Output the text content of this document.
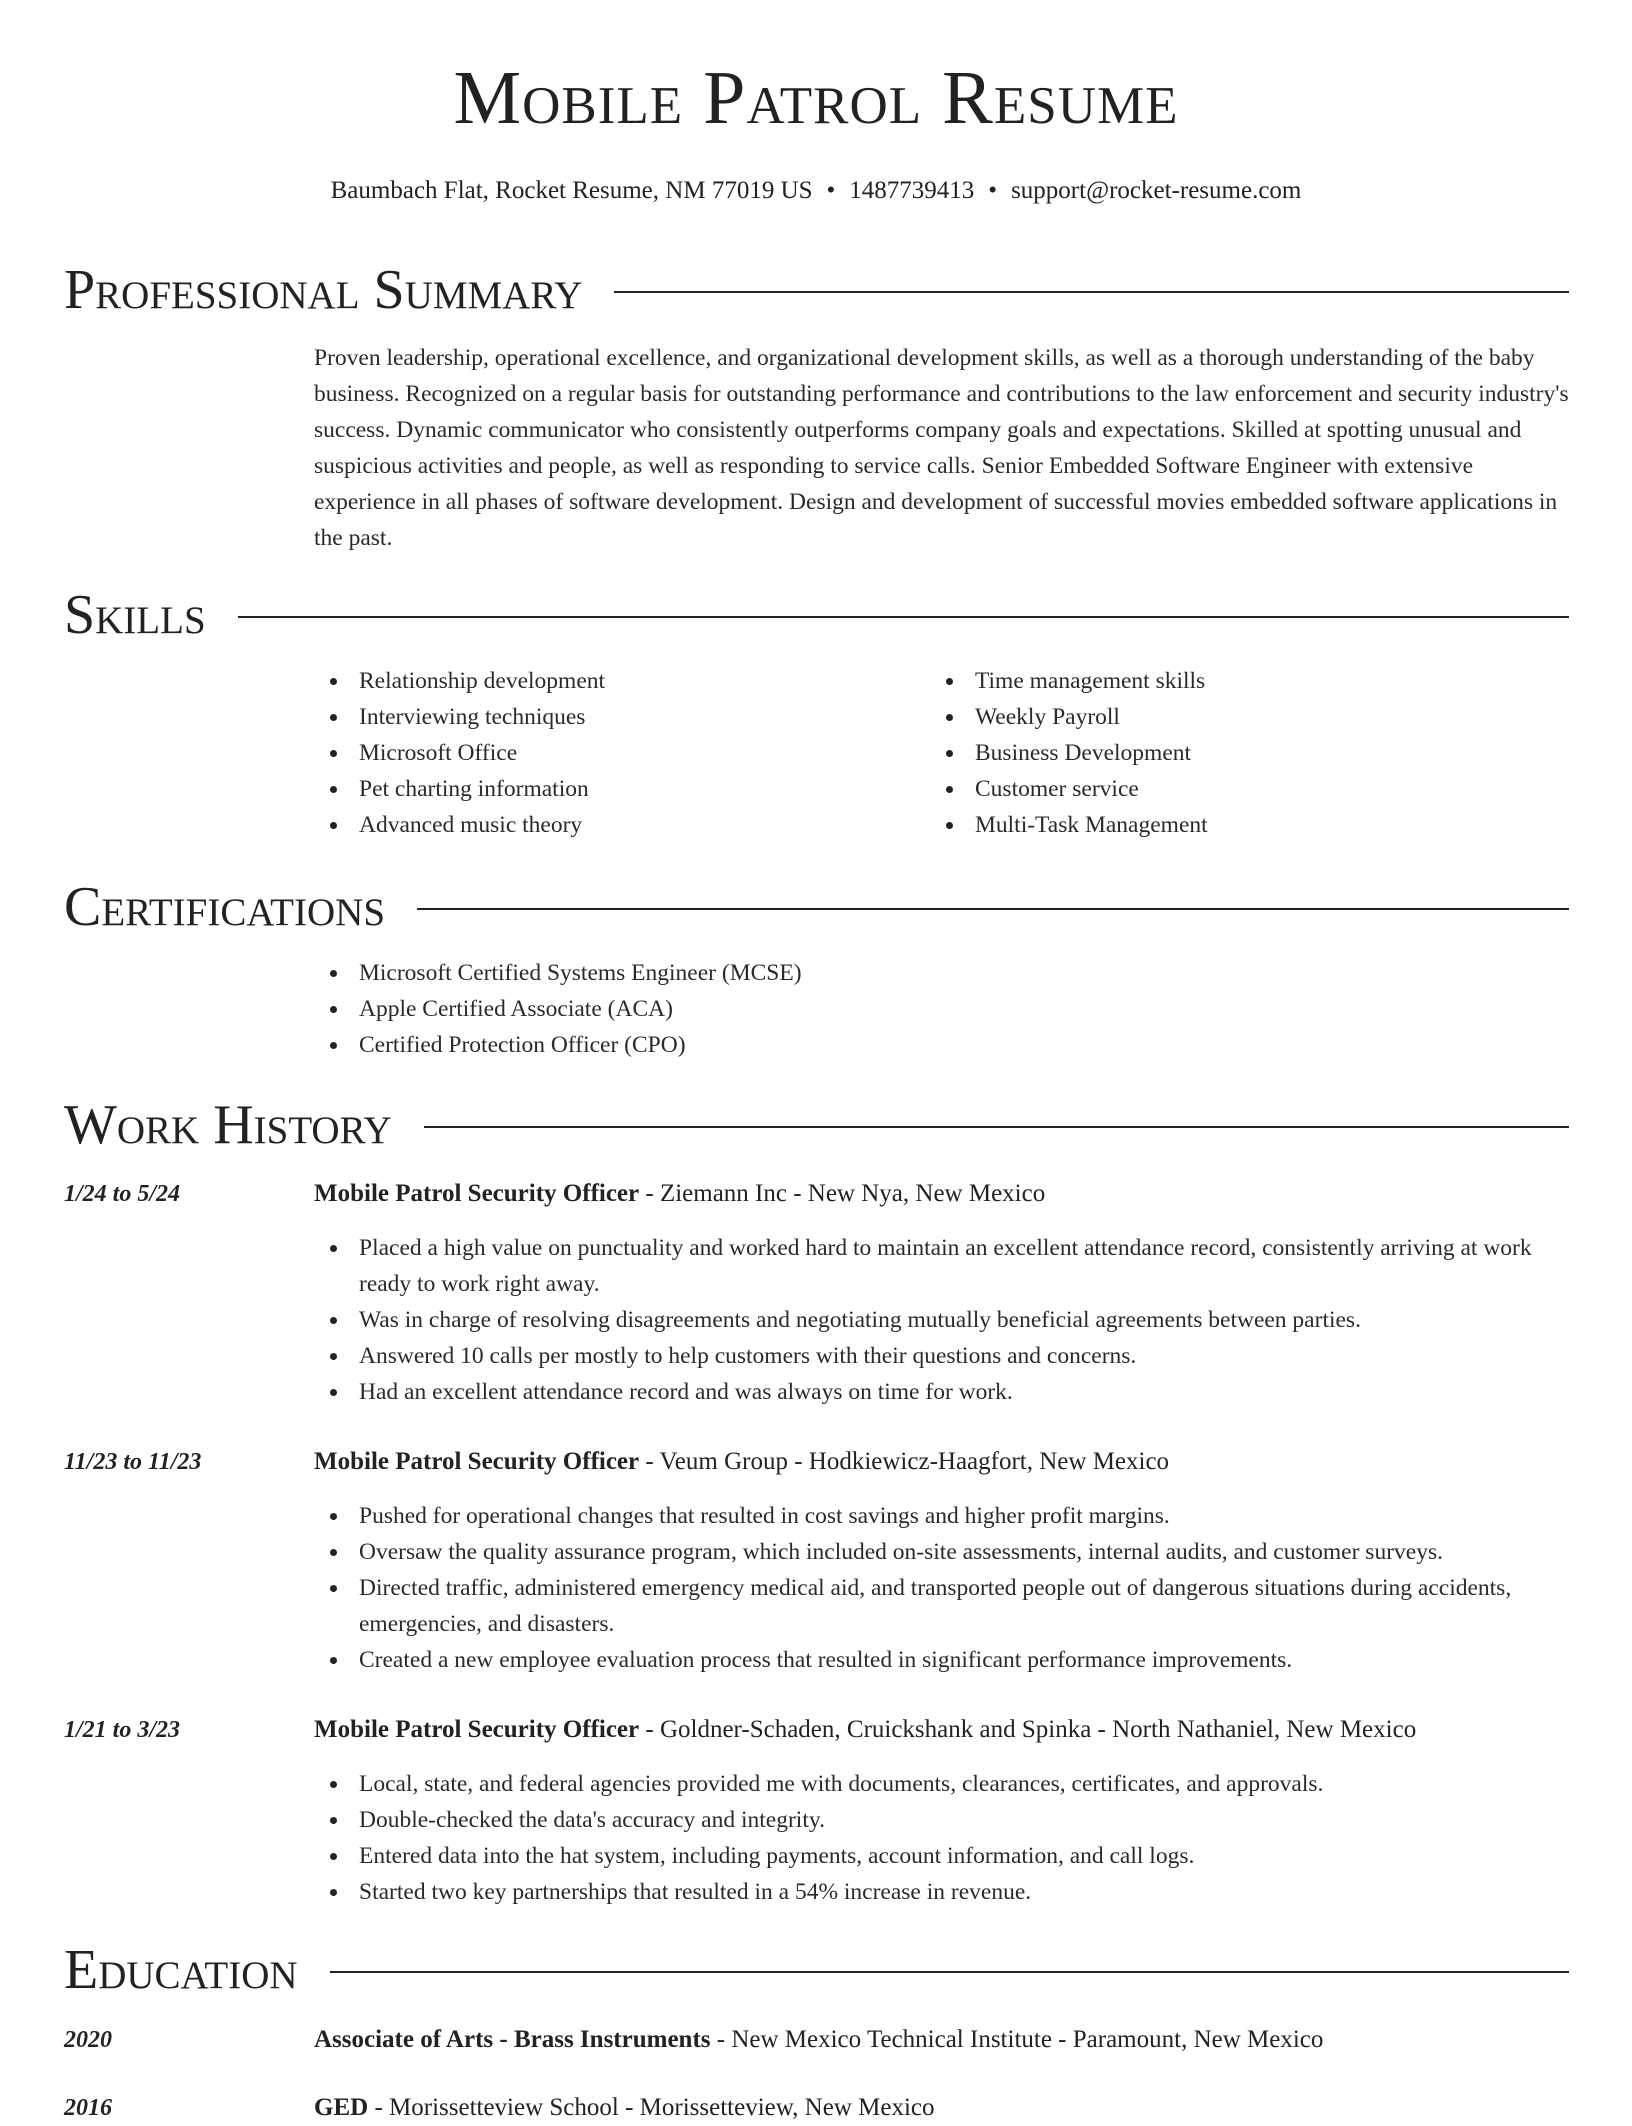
Mobile Patrol Resume
Baumbach Flat, Rocket Resume, NM 77019 US • 1487739413 • support@rocket-resume.com
Professional Summary
Proven leadership, operational excellence, and organizational development skills, as well as a thorough understanding of the baby business. Recognized on a regular basis for outstanding performance and contributions to the law enforcement and security industry's success. Dynamic communicator who consistently outperforms company goals and expectations. Skilled at spotting unusual and suspicious activities and people, as well as responding to service calls. Senior Embedded Software Engineer with extensive experience in all phases of software development. Design and development of successful movies embedded software applications in the past.
Skills
Relationship development
Interviewing techniques
Microsoft Office
Pet charting information
Advanced music theory
Time management skills
Weekly Payroll
Business Development
Customer service
Multi-Task Management
Certifications
Microsoft Certified Systems Engineer (MCSE)
Apple Certified Associate (ACA)
Certified Protection Officer (CPO)
Work History
1/24 to 5/24	Mobile Patrol Security Officer - Ziemann Inc - New Nya, New Mexico
Placed a high value on punctuality and worked hard to maintain an excellent attendance record, consistently arriving at work ready to work right away.
Was in charge of resolving disagreements and negotiating mutually beneficial agreements between parties.
Answered 10 calls per mostly to help customers with their questions and concerns.
Had an excellent attendance record and was always on time for work.
11/23 to 11/23	Mobile Patrol Security Officer - Veum Group - Hodkiewicz-Haagfort, New Mexico
Pushed for operational changes that resulted in cost savings and higher profit margins.
Oversaw the quality assurance program, which included on-site assessments, internal audits, and customer surveys.
Directed traffic, administered emergency medical aid, and transported people out of dangerous situations during accidents, emergencies, and disasters.
Created a new employee evaluation process that resulted in significant performance improvements.
1/21 to 3/23	Mobile Patrol Security Officer - Goldner-Schaden, Cruickshank and Spinka - North Nathaniel, New Mexico
Local, state, and federal agencies provided me with documents, clearances, certificates, and approvals.
Double-checked the data's accuracy and integrity.
Entered data into the hat system, including payments, account information, and call logs.
Started two key partnerships that resulted in a 54% increase in revenue.
Education
2020	Associate of Arts - Brass Instruments - New Mexico Technical Institute - Paramount, New Mexico
2016	GED - Morissetteview School - Morissetteview, New Mexico
